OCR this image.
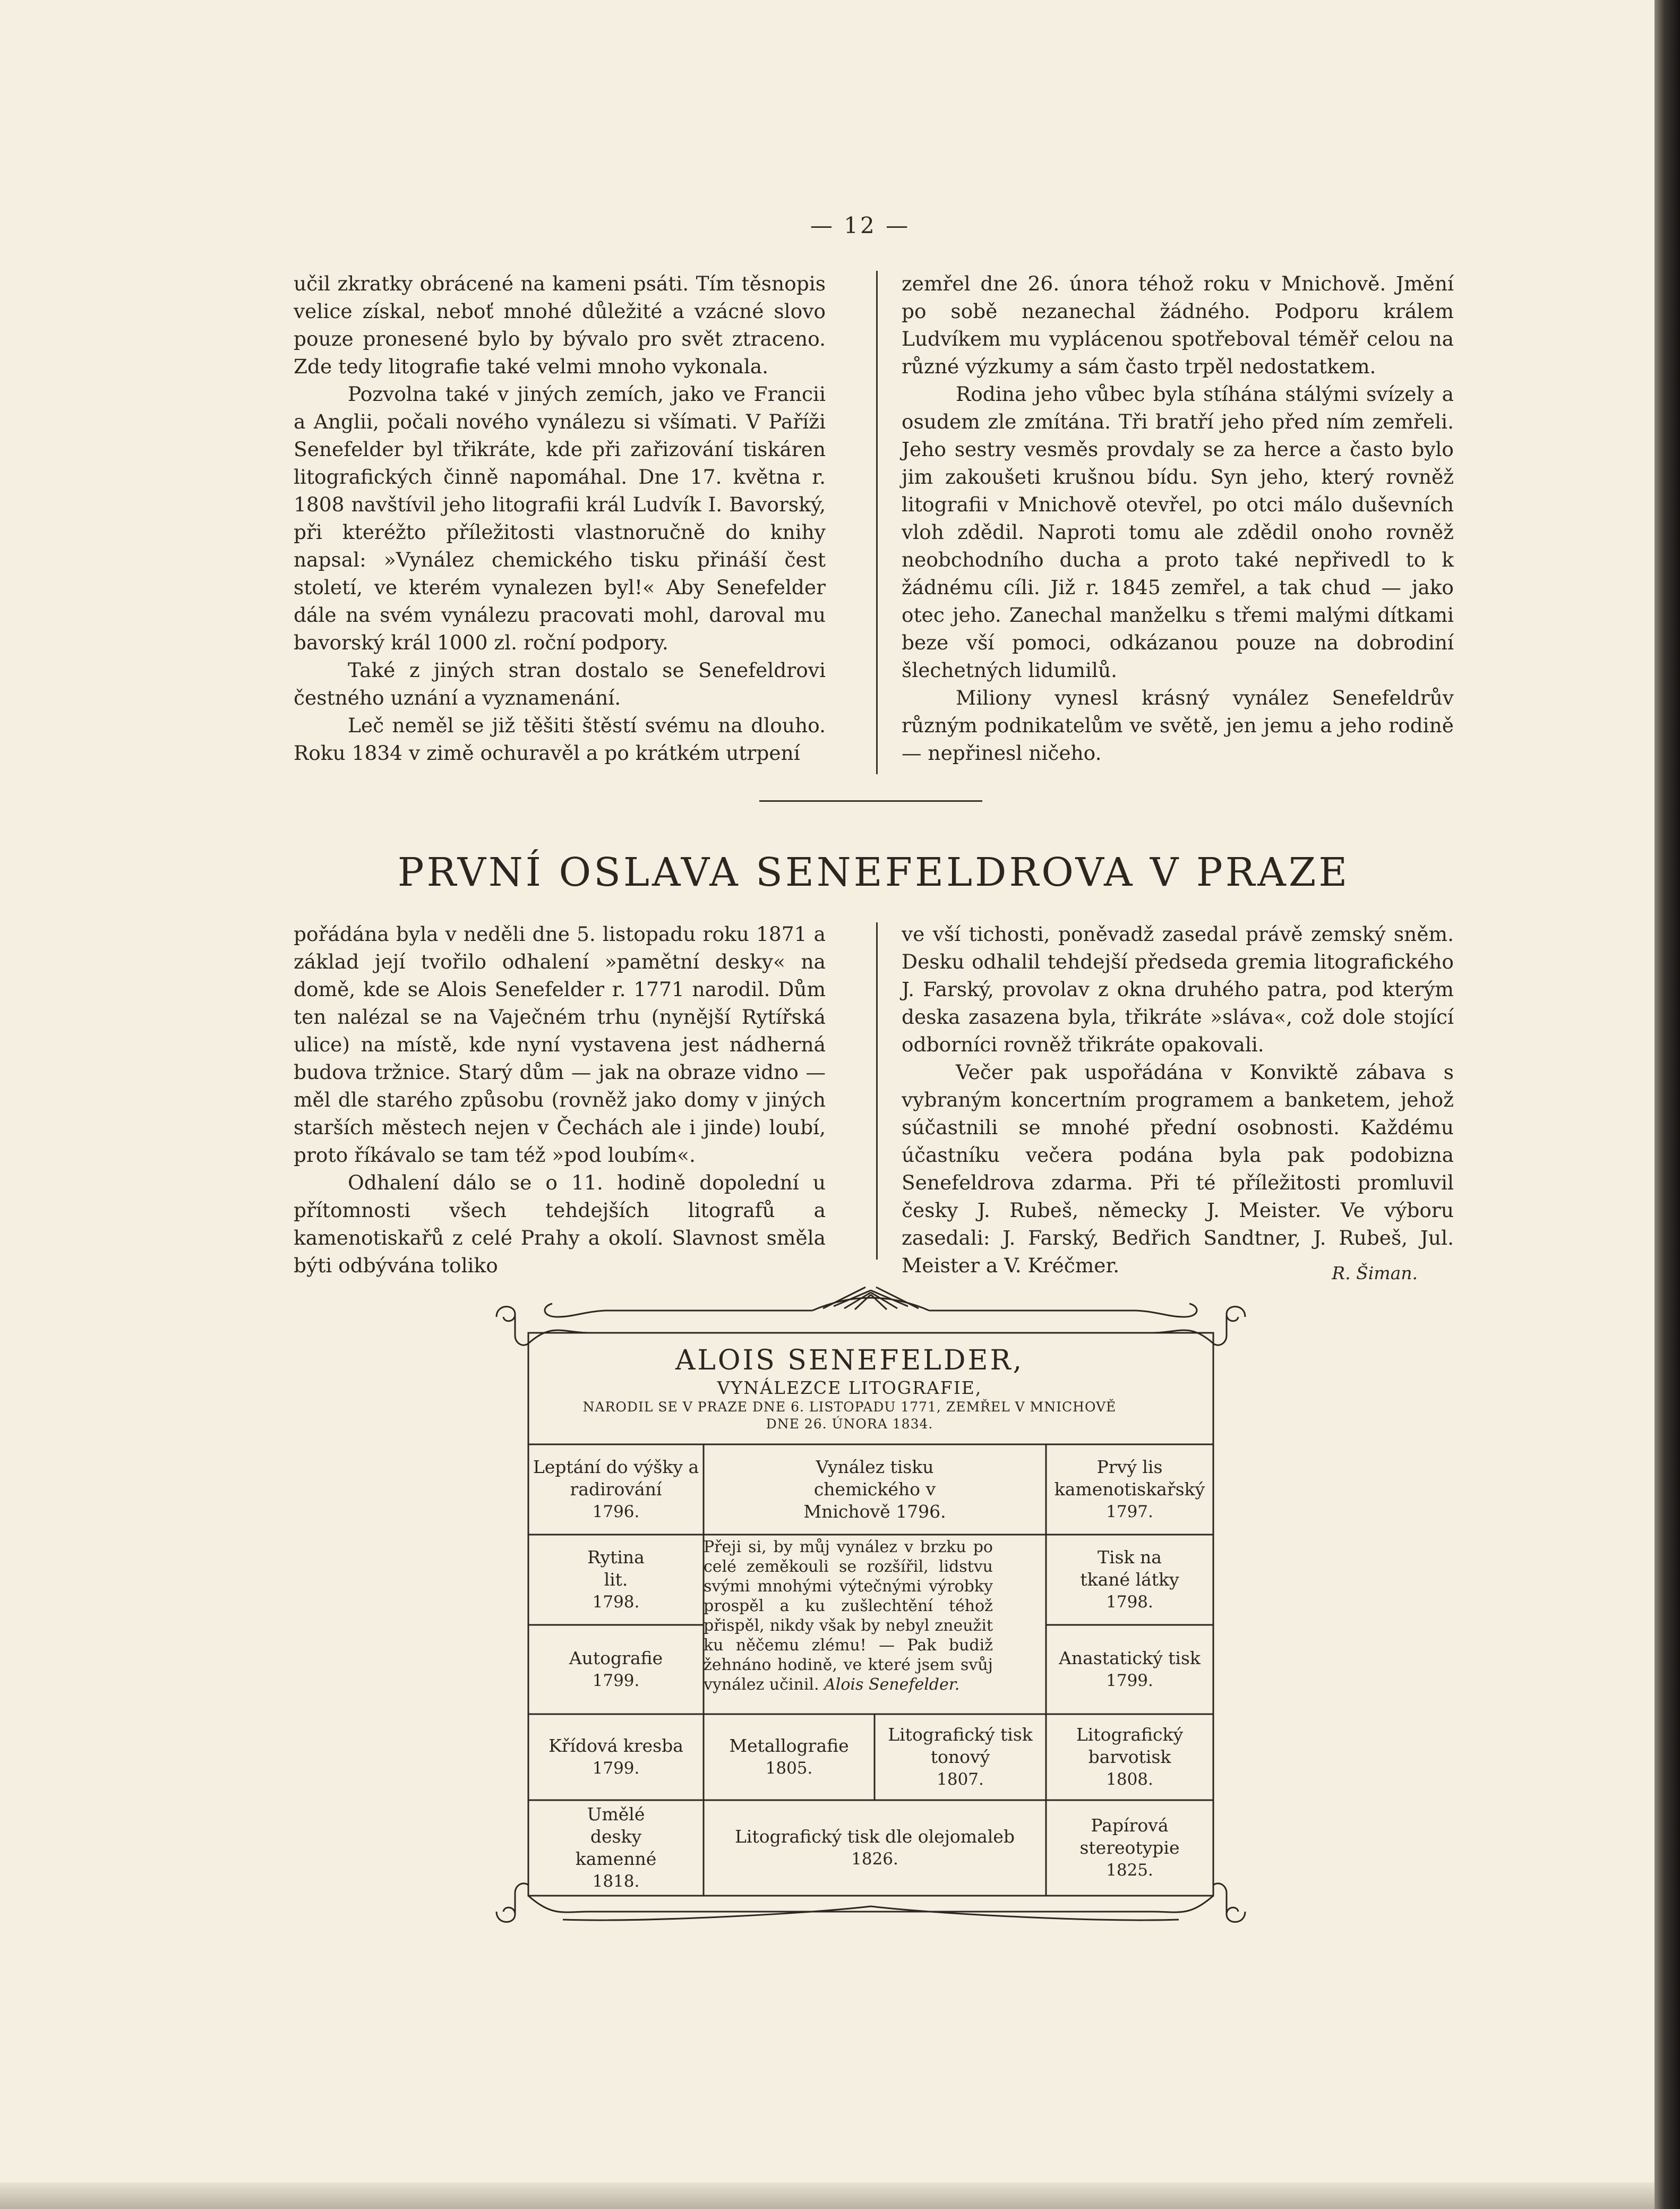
— 12 —

učil zkratky obrácené na kameni psáti. Tím těsnopis velice získal, neboť mnohé důležité a vzácné slovo pouze pronesené bylo by bývalo pro svět ztraceno. Zde tedy litografie také velmi mnoho vykonala.

Pozvolna také v jiných zemích, jako ve Francii a Anglii, počali nového vynálezu si všímati. V Paříži Senefelder byl třikráte, kde při zařizování tiskáren litografických činně napomáhal. Dne 17. května r. 1808 navštívil jeho litografii král Ludvík I. Bavorský, při kteréžto příležitosti vlastnoručně do knihy napsal: »Vynález chemického tisku přináší čest století, ve kterém vynalezen byl!« Aby Senefelder dále na svém vynálezu pracovati mohl, daroval mu bavorský král 1000 zl. roční podpory.

Také z jiných stran dostalo se Senefeldrovi čestného uznání a vyznamenání.

Leč neměl se již těšiti štěstí svému na dlouho. Roku 1834 v zimě ochuravěl a po krátkém utrpení

zemřel dne 26. února téhož roku v Mnichově. Jmění po sobě nezanechal žádného. Podporu králem Ludvíkem mu vyplácenou spotřeboval téměř celou na různé výzkumy a sám často trpěl nedostatkem.

Rodina jeho vůbec byla stíhána stálými svízely a osudem zle zmítána. Tři bratří jeho před ním zemřeli. Jeho sestry vesměs provdaly se za herce a často bylo jim zakoušeti krušnou bídu. Syn jeho, který rovněž litografii v Mnichově otevřel, po otci málo duševních vloh zdědil. Naproti tomu ale zdědil onoho rovněž neobchodního ducha a proto také nepřivedl to k žádnému cíli. Již r. 1845 zemřel, a tak chud — jako otec jeho. Zanechal manželku s třemi malými dítkami beze vší pomoci, odkázanou pouze na dobrodiní šlechetných lidumilů.

Miliony vynesl krásný vynález Senefeldrův různým podnikatelům ve světě, jen jemu a jeho rodině — nepřinesl ničeho.

PRVNÍ OSLAVA SENEFELDROVA V PRAZE

pořádána byla v neděli dne 5. listopadu roku 1871 a základ její tvořilo odhalení »pamětní desky« na domě, kde se Alois Senefelder r. 1771 narodil. Dům ten nalézal se na Vaječném trhu (nynější Rytířská ulice) na místě, kde nyní vystavena jest nádherná budova tržnice. Starý dům — jak na obraze vidno — měl dle starého způsobu (rovněž jako domy v jiných starších městech nejen v Čechách ale i jinde) loubí, proto říkávalo se tam též »pod loubím«.

Odhalení dálo se o 11. hodině dopolední u přítomnosti všech tehdejších litografů a kamenotiskařů z celé Prahy a okolí. Slavnost směla býti odbývána toliko

ve vší tichosti, poněvadž zasedal právě zemský sněm. Desku odhalil tehdejší předseda gremia litografického J. Farský, provolav z okna druhého patra, pod kterým deska zasazena byla, třikráte »sláva«, což dole stojící odborníci rovněž třikráte opakovali.

Večer pak uspořádána v Konviktě zábava s vybraným koncertním programem a banketem, jehož súčastnili se mnohé přední osobnosti. Každému účastníku večera podána byla pak podobizna Senefeldrova zdarma. Při té příležitosti promluvil česky J. Rubeš, německy J. Meister. Ve výboru zasedali: J. Farský, Bedřich Sandtner, J. Rubeš, Jul. Meister a V. Kréčmer.	R. Šiman.
ALOIS SENEFELDER,
VYNÁLEZCE LITOGRAFIE,
NARODIL SE V PRAZE DNE 6. LISTOPADU 1771, ZEMŘEL V MNICHOVĚ
DNE 26. ÚNORA 1834.
Leptání do výšky a radirování
1796.
Vynález tisku chemického v Mnichově 1796.
Prvý lis kamenotiskařský
1797.
Rytina lit.
1798.
Tisk na tkané látky
1798.
Autografie
1799.
Anastatický tisk
1799.
Přeji si, by můj vynález v brzku po celé zeměkouli se rozšířil, lidstvu svými mnohými výtečnými výrobky prospěl a ku zušlechtění téhož přispěl, nikdy však by nebyl zneužit ku něčemu zlému! — Pak budiž žehnáno hodině, ve které jsem svůj vynález učinil. Alois Senefelder.
Křídová kresba
1799.
Metallografie
1805.
Litografický tisk tonový
1807.
Litografický barvotisk
1808.
Umělé desky kamenné
1818.
Litografický tisk dle olejomaleb
1826.
Papírová stereotypie
1825.
